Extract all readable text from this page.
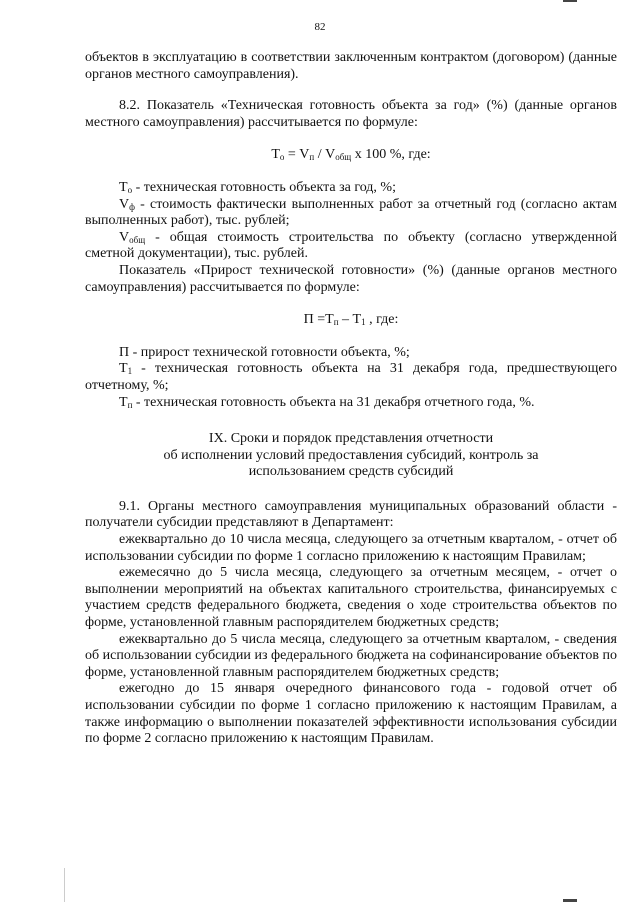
82

объектов в эксплуатацию в соответствии заключенным контрактом (договором) (данные органов местного самоуправления).

8.2. Показатель «Техническая готовность объекта за год» (%) (данные органов местного самоуправления) рассчитывается по формуле:

$T_о = V_п / V_{общ}$ х 100 %, где:

$T_о$ - техническая готовность объекта за год, %;

$V_ф$ - стоимость фактически выполненных работ за отчетный год (согласно актам выполненных работ), тыс. рублей;

$V_{общ}$ - общая стоимость строительства по объекту (согласно утвержденной сметной документации), тыс. рублей.

Показатель «Прирост технической готовности» (%) (данные органов местного самоуправления) рассчитывается по формуле:

$П =Т_п - Т_1$ , где:

П - прирост технической готовности объекта, %;

$T_1$ - техническая готовность объекта на 31 декабря года, предшествующего отчетному, %;

$T_п$ - техническая готовность объекта на 31 декабря отчетного года, %.

IX. Сроки и порядок представления отчетности
об исполнении условий предоставления субсидий, контроль за
использованием средств субсидий

9.1. Органы местного самоуправления муниципальных образований области - получатели субсидии представляют в Департамент:

ежеквартально до 10 числа месяца, следующего за отчетным кварталом, - отчет об использовании субсидии по форме 1 согласно приложению к настоящим Правилам;

ежемесячно до 5 числа месяца, следующего за отчетным месяцем, - отчет о выполнении мероприятий на объектах капитального строительства, финансируемых с участием средств федерального бюджета, сведения о ходе строительства объектов по форме, установленной главным распорядителем бюджетных средств;

ежеквартально до 5 числа месяца, следующего за отчетным кварталом, - сведения об использовании субсидии из федерального бюджета на софинансирование объектов по форме, установленной главным распорядителем бюджетных средств;

ежегодно до 15 января очередного финансового года - годовой отчет об использовании субсидии по форме 1 согласно приложению к настоящим Правилам, а также информацию о выполнении показателей эффективности использования субсидии по форме 2 согласно приложению к настоящим Правилам.
